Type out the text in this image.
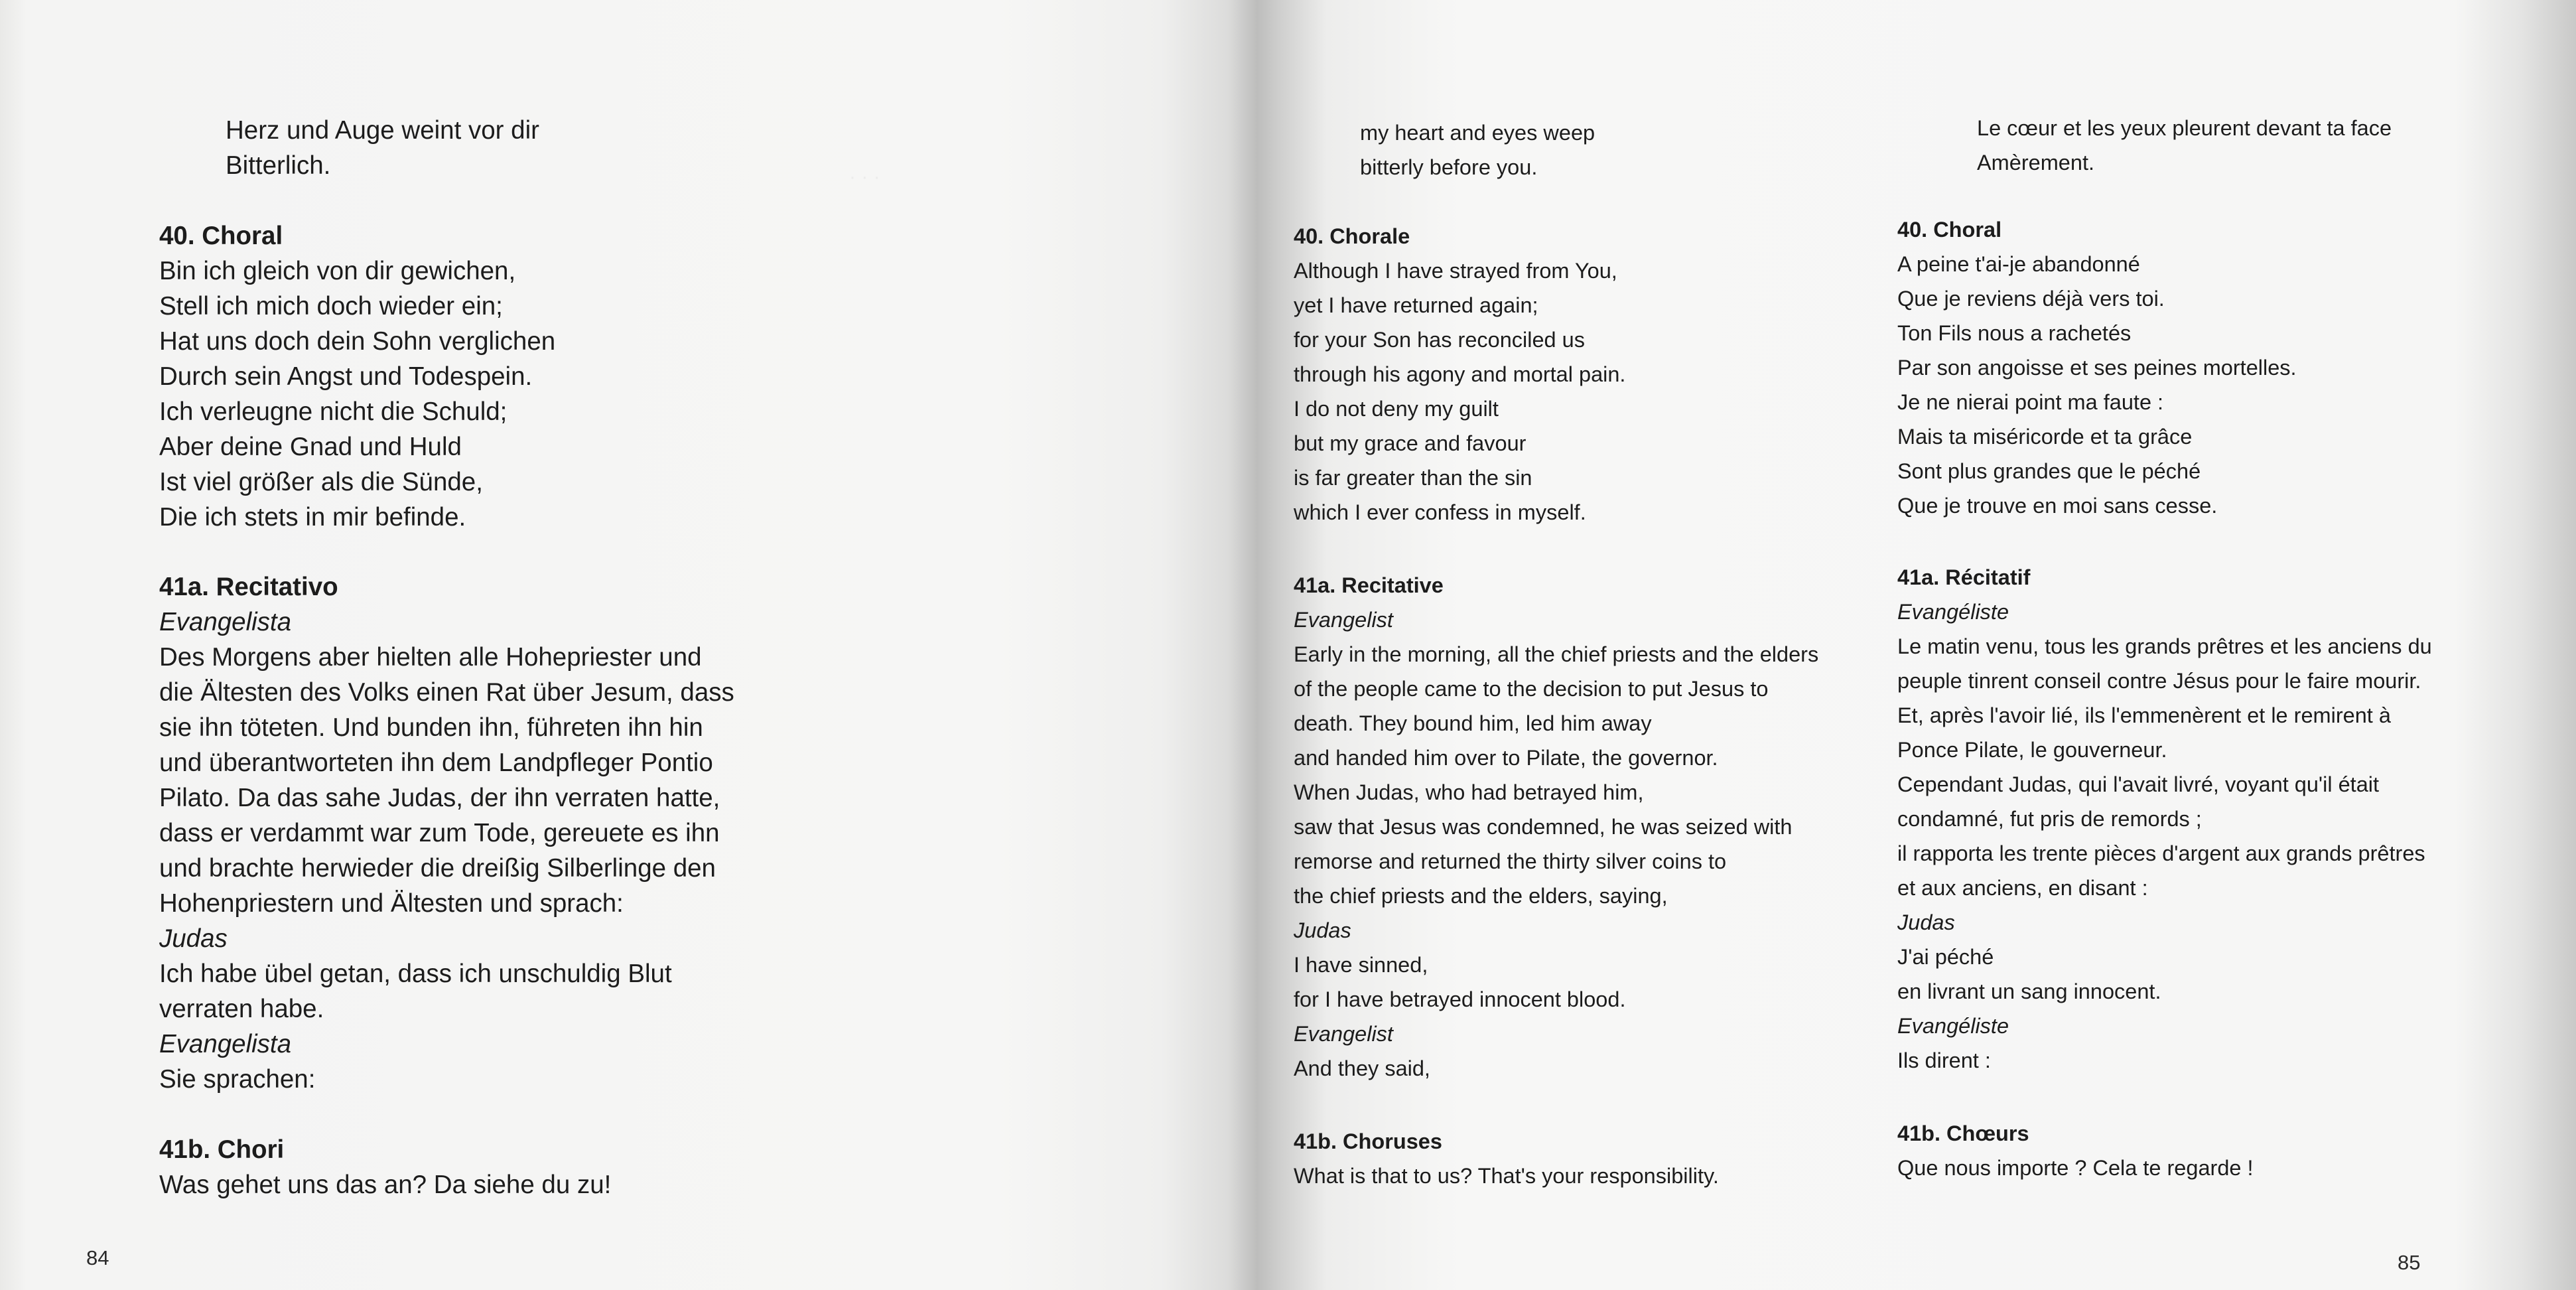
· · ·
Herz und Auge weint vor dir
Bitterlich.
40. Choral
Bin ich gleich von dir gewichen,
Stell ich mich doch wieder ein;
Hat uns doch dein Sohn verglichen
Durch sein Angst und Todespein.
Ich verleugne nicht die Schuld;
Aber deine Gnad und Huld
Ist viel größer als die Sünde,
Die ich stets in mir befinde.
41a. Recitativo
Evangelista
Des Morgens aber hielten alle Hohepriester und
die Ältesten des Volks einen Rat über Jesum, dass
sie ihn töteten. Und bunden ihn, führeten ihn hin
und überantworteten ihn dem Landpfleger Pontio
Pilato. Da das sahe Judas, der ihn verraten hatte,
dass er verdammt war zum Tode, gereuete es ihn
und brachte herwieder die dreißig Silberlinge den
Hohenpriestern und Ältesten und sprach:
Judas
Ich habe übel getan, dass ich unschuldig Blut
verraten habe.
Evangelista
Sie sprachen:
41b. Chori
Was gehet uns das an? Da siehe du zu!
my heart and eyes weep
bitterly before you.
40. Chorale
Although I have strayed from You,
yet I have returned again;
for your Son has reconciled us
through his agony and mortal pain.
I do not deny my guilt
but my grace and favour
is far greater than the sin
which I ever confess in myself.
41a. Recitative
Evangelist
Early in the morning, all the chief priests and the elders
of the people came to the decision to put Jesus to
death. They bound him, led him away
and handed him over to Pilate, the governor.
When Judas, who had betrayed him,
saw that Jesus was condemned, he was seized with
remorse and returned the thirty silver coins to
the chief priests and the elders, saying,
Judas
I have sinned,
for I have betrayed innocent blood.
Evangelist
And they said,
41b. Choruses
What is that to us? That's your responsibility.
Le cœur et les yeux pleurent devant ta face
Amèrement.
40. Choral
A peine t'ai-je abandonné
Que je reviens déjà vers toi.
Ton Fils nous a rachetés
Par son angoisse et ses peines mortelles.
Je ne nierai point ma faute :
Mais ta miséricorde et ta grâce
Sont plus grandes que le péché
Que je trouve en moi sans cesse.
41a. Récitatif
Evangéliste
Le matin venu, tous les grands prêtres et les anciens du
peuple tinrent conseil contre Jésus pour le faire mourir.
Et, après l'avoir lié, ils l'emmenèrent et le remirent à
Ponce Pilate, le gouverneur.
Cependant Judas, qui l'avait livré, voyant qu'il était
condamné, fut pris de remords ;
il rapporta les trente pièces d'argent aux grands prêtres
et aux anciens, en disant :
Judas
J'ai péché
en livrant un sang innocent.
Evangéliste
Ils dirent :
41b. Chœurs
Que nous importe ? Cela te regarde !
84	85
